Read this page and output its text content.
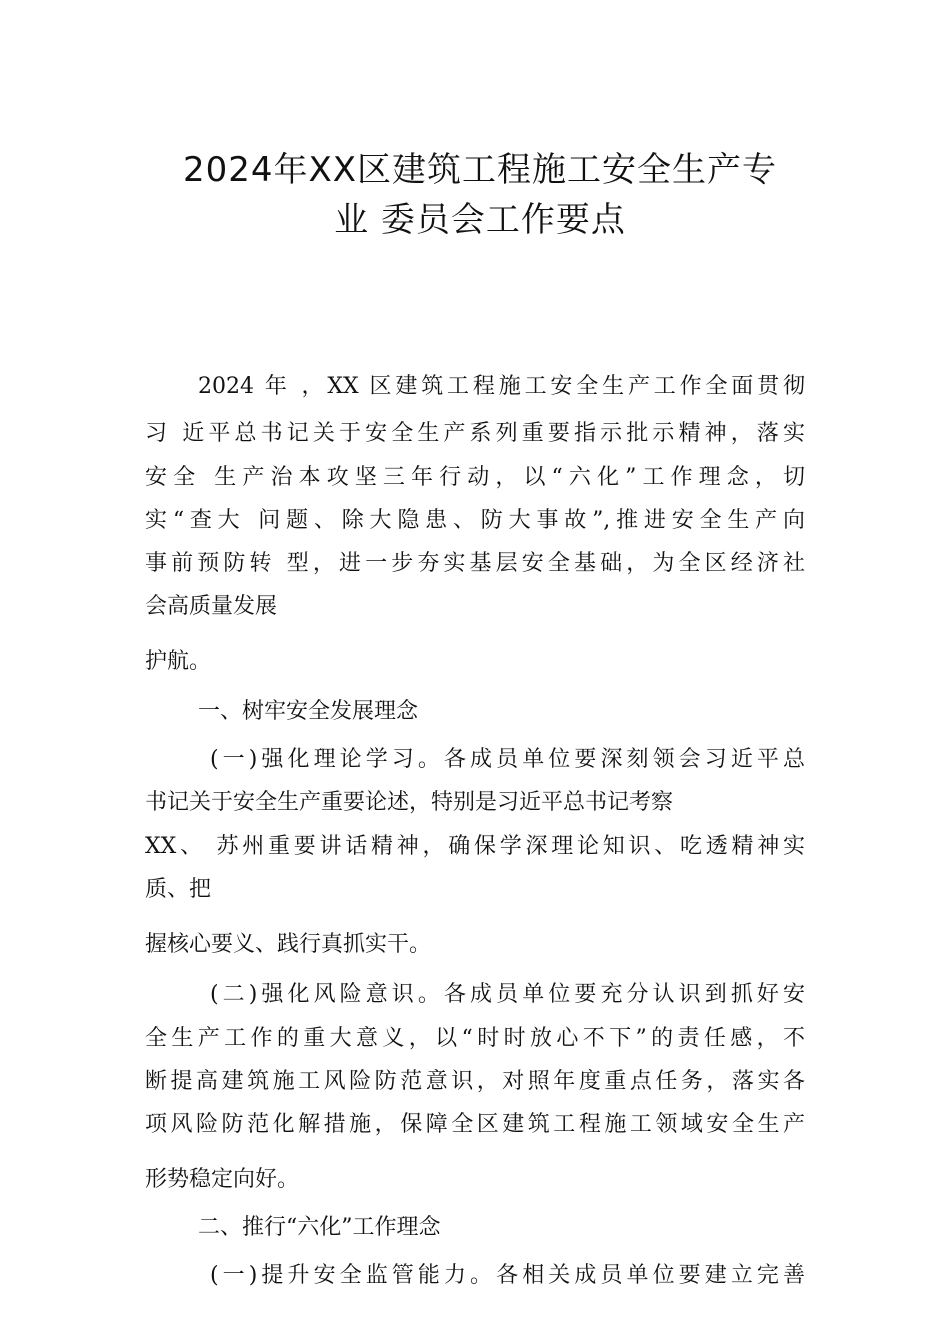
2024年XX区建筑工程施工安全生产专
业 委员会工作要点
2024 年 ，XX 区建筑工程施工安全生产工作全面贯彻
习 近平总书记关于安全生产系列重要指示批示精神，落实
安全 生产治本攻坚三年行动，以“六化”工作理念，切
实“查大 问题、除大隐患、防大事故”,推进安全生产向
事前预防转 型，进一步夯实基层安全基础，为全区经济社
会高质量发展
护航。
一、树牢安全发展理念
(一)强化理论学习。各成员单位要深刻领会习近平总
书记关于安全生产重要论述，特别是习近平总书记考察
XX、 苏州重要讲话精神，确保学深理论知识、吃透精神实
质、把
握核心要义、践行真抓实干。
(二)强化风险意识。各成员单位要充分认识到抓好安
全生产工作的重大意义，以“时时放心不下”的责任感，不
断提高建筑施工风险防范意识，对照年度重点任务，落实各
项风险防范化解措施，保障全区建筑工程施工领域安全生产
形势稳定向好。
二、推行“六化”工作理念
(一)提升安全监管能力。各相关成员单位要建立完善
